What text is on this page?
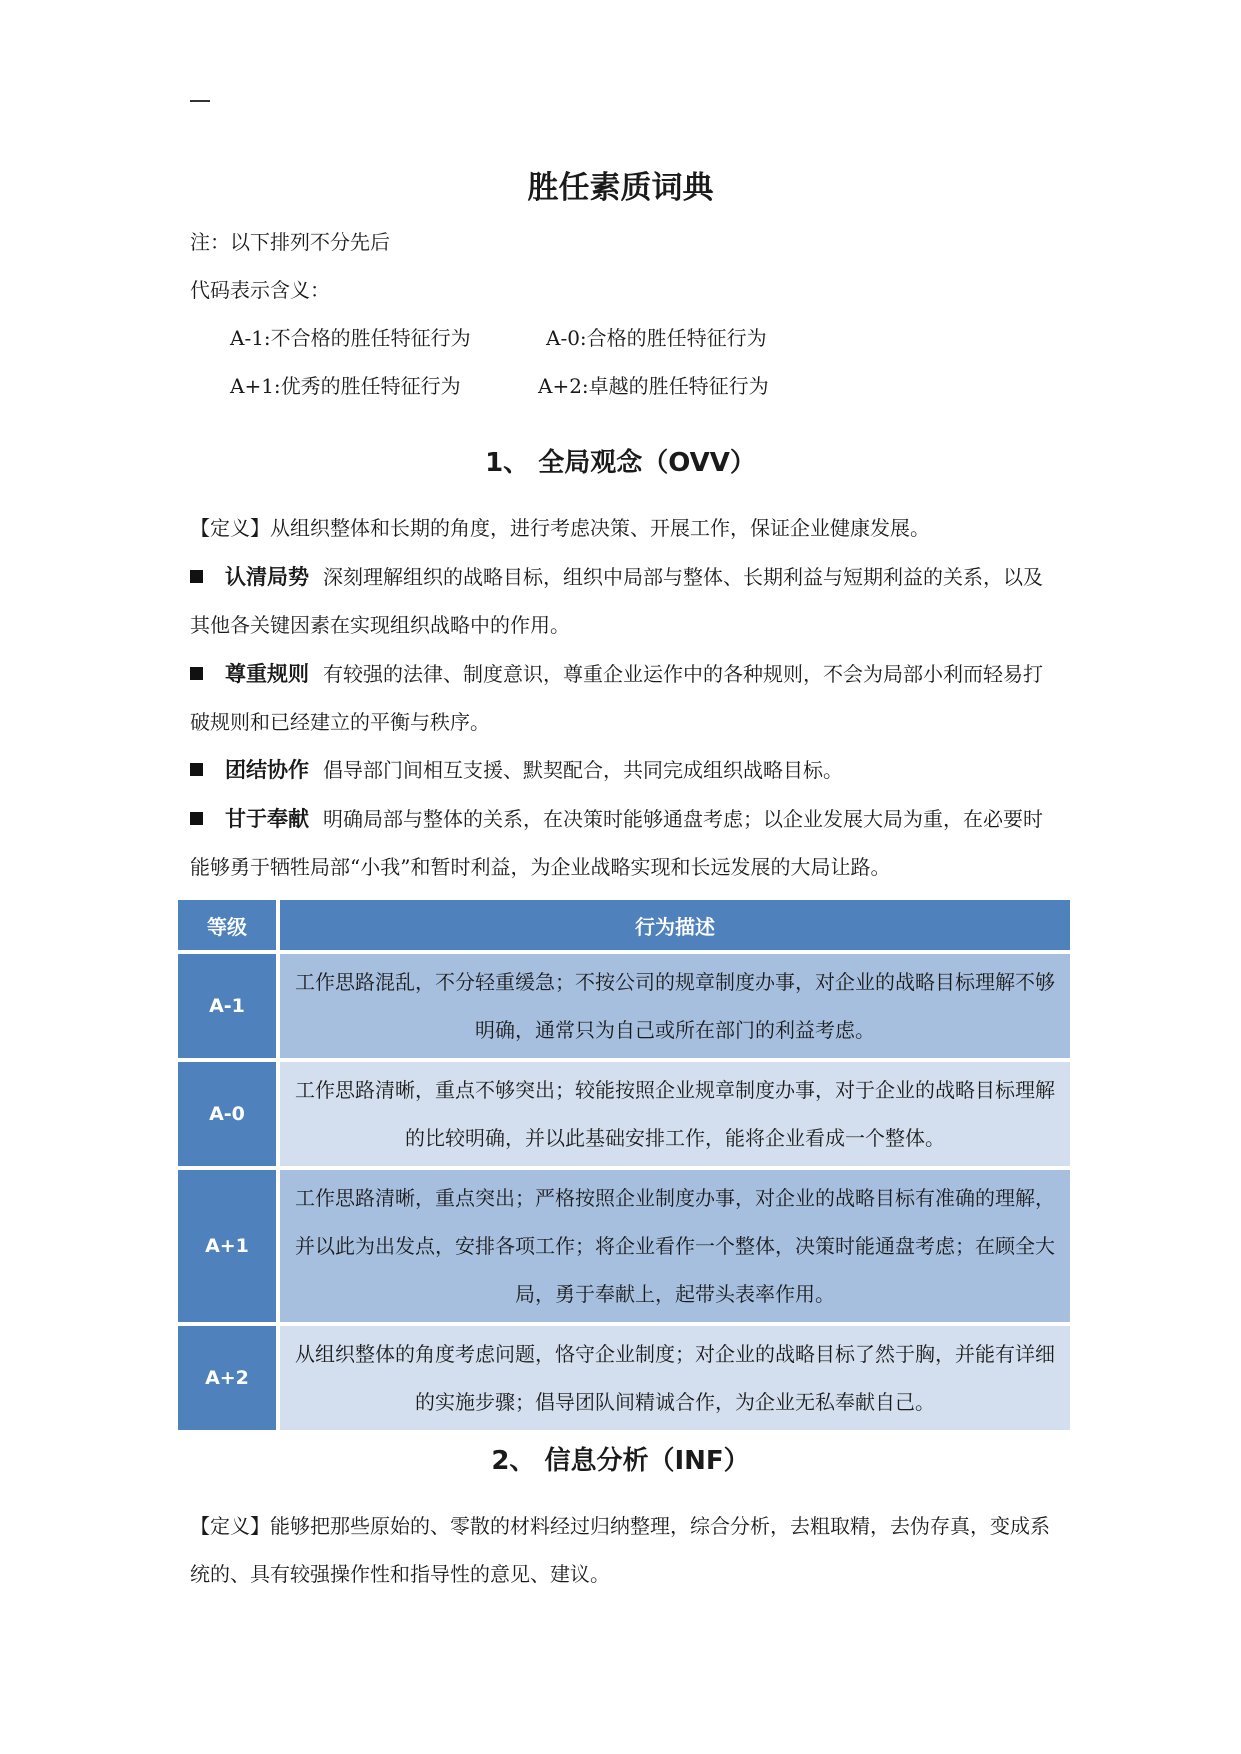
胜任素质词典
注：以下排列不分先后
代码表示含义：
A-1:不合格的胜任特征行为	A-0:合格的胜任特征行为
A+1:优秀的胜任特征行为	A+2:卓越的胜任特征行为
1、 全局观念（OVV）
【定义】从组织整体和长期的角度，进行考虑决策、开展工作，保证企业健康发展。
认清局势 深刻理解组织的战略目标，组织中局部与整体、长期利益与短期利益的关系，以及其他各关键因素在实现组织战略中的作用。
尊重规则 有较强的法律、制度意识，尊重企业运作中的各种规则，不会为局部小利而轻易打破规则和已经建立的平衡与秩序。
团结协作 倡导部门间相互支援、默契配合，共同完成组织战略目标。
甘于奉献 明确局部与整体的关系，在决策时能够通盘考虑；以企业发展大局为重，在必要时能够勇于牺牲局部“小我”和暂时利益，为企业战略实现和长远发展的大局让路。
等级	行为描述
A-1	工作思路混乱，不分轻重缓急；不按公司的规章制度办事，对企业的战略目标理解不够明确，通常只为自己或所在部门的利益考虑。
A-0	工作思路清晰，重点不够突出；较能按照企业规章制度办事，对于企业的战略目标理解的比较明确，并以此基础安排工作，能将企业看成一个整体。
A+1	工作思路清晰，重点突出；严格按照企业制度办事，对企业的战略目标有准确的理解，并以此为出发点，安排各项工作；将企业看作一个整体，决策时能通盘考虑；在顾全大局，勇于奉献上，起带头表率作用。
A+2	从组织整体的角度考虑问题，恪守企业制度；对企业的战略目标了然于胸，并能有详细的实施步骤；倡导团队间精诚合作，为企业无私奉献自己。
2、 信息分析（INF）
【定义】能够把那些原始的、零散的材料经过归纳整理，综合分析，去粗取精，去伪存真，变成系统的、具有较强操作性和指导性的意见、建议。
